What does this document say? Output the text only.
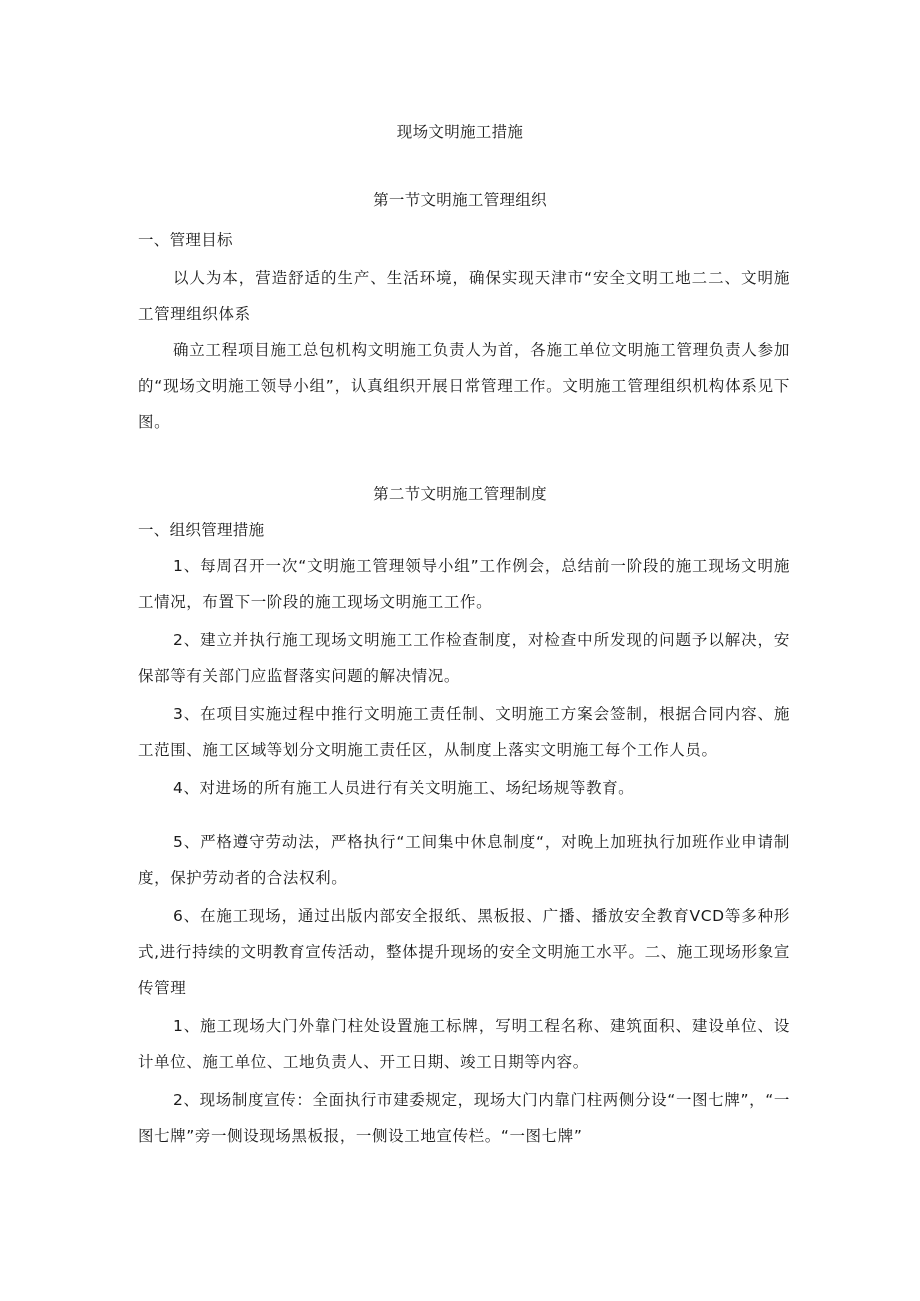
现场文明施工措施
第一节文明施工管理组织
一、管理目标
以人为本，营造舒适的生产、生活环境，确保实现天津市“安全文明工地二二、文明施工管理组织体系
确立工程项目施工总包机构文明施工负责人为首，各施工单位文明施工管理负责人参加的“现场文明施工领导小组”，认真组织开展日常管理工作。文明施工管理组织机构体系见下图。
第二节文明施工管理制度
一、组织管理措施
1、每周召开一次“文明施工管理领导小组”工作例会，总结前一阶段的施工现场文明施工情况，布置下一阶段的施工现场文明施工工作。
2、建立并执行施工现场文明施工工作检查制度，对检查中所发现的问题予以解决，安保部等有关部门应监督落实问题的解决情况。
3、在项目实施过程中推行文明施工责任制、文明施工方案会签制，根据合同内容、施工范围、施工区域等划分文明施工责任区，从制度上落实文明施工每个工作人员。
4、对进场的所有施工人员进行有关文明施工、场纪场规等教育。
5、严格遵守劳动法，严格执行“工间集中休息制度“，对晚上加班执行加班作业申请制度，保护劳动者的合法权利。
6、在施工现场，通过出版内部安全报纸、黑板报、广播、播放安全教育VCD等多种形式,进行持续的文明教育宣传活动，整体提升现场的安全文明施工水平。二、施工现场形象宣传管理
1、施工现场大门外靠门柱处设置施工标牌，写明工程名称、建筑面积、建设单位、设计单位、施工单位、工地负责人、开工日期、竣工日期等内容。
2、现场制度宣传：全面执行市建委规定，现场大门内靠门柱两侧分设“一图七牌”，“一图七牌”旁一侧设现场黑板报，一侧设工地宣传栏。“一图七牌”
